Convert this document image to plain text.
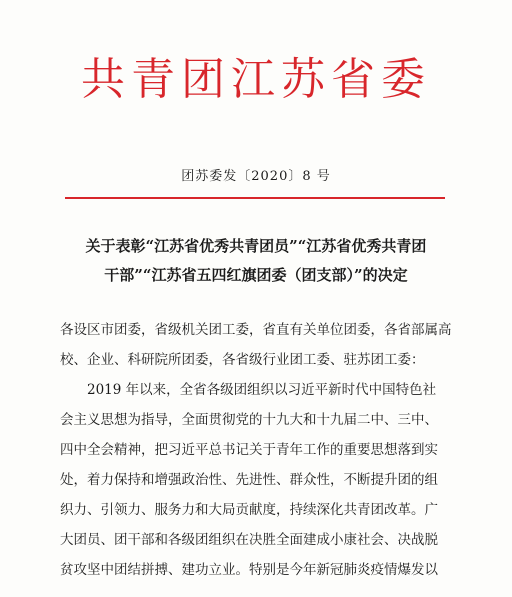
共青团江苏省委
团苏委发〔2020〕8 号
关于表彰“江苏省优秀共青团员”“江苏省优秀共青团
干部”“江苏省五四红旗团委（团支部）”的决定
各设区市团委，省级机关团工委，省直有关单位团委，各省部属高
校、企业、科研院所团委，各省级行业团工委、驻苏团工委：
2019 年以来，全省各级团组织以习近平新时代中国特色社
会主义思想为指导，全面贯彻党的十九大和十九届二中、三中、
四中全会精神，把习近平总书记关于青年工作的重要思想落到实
处，着力保持和增强政治性、先进性、群众性，不断提升团的组
织力、引领力、服务力和大局贡献度，持续深化共青团改革。广
大团员、团干部和各级团组织在决胜全面建成小康社会、决战脱
贫攻坚中团结拼搏、建功立业。特别是今年新冠肺炎疫情爆发以
